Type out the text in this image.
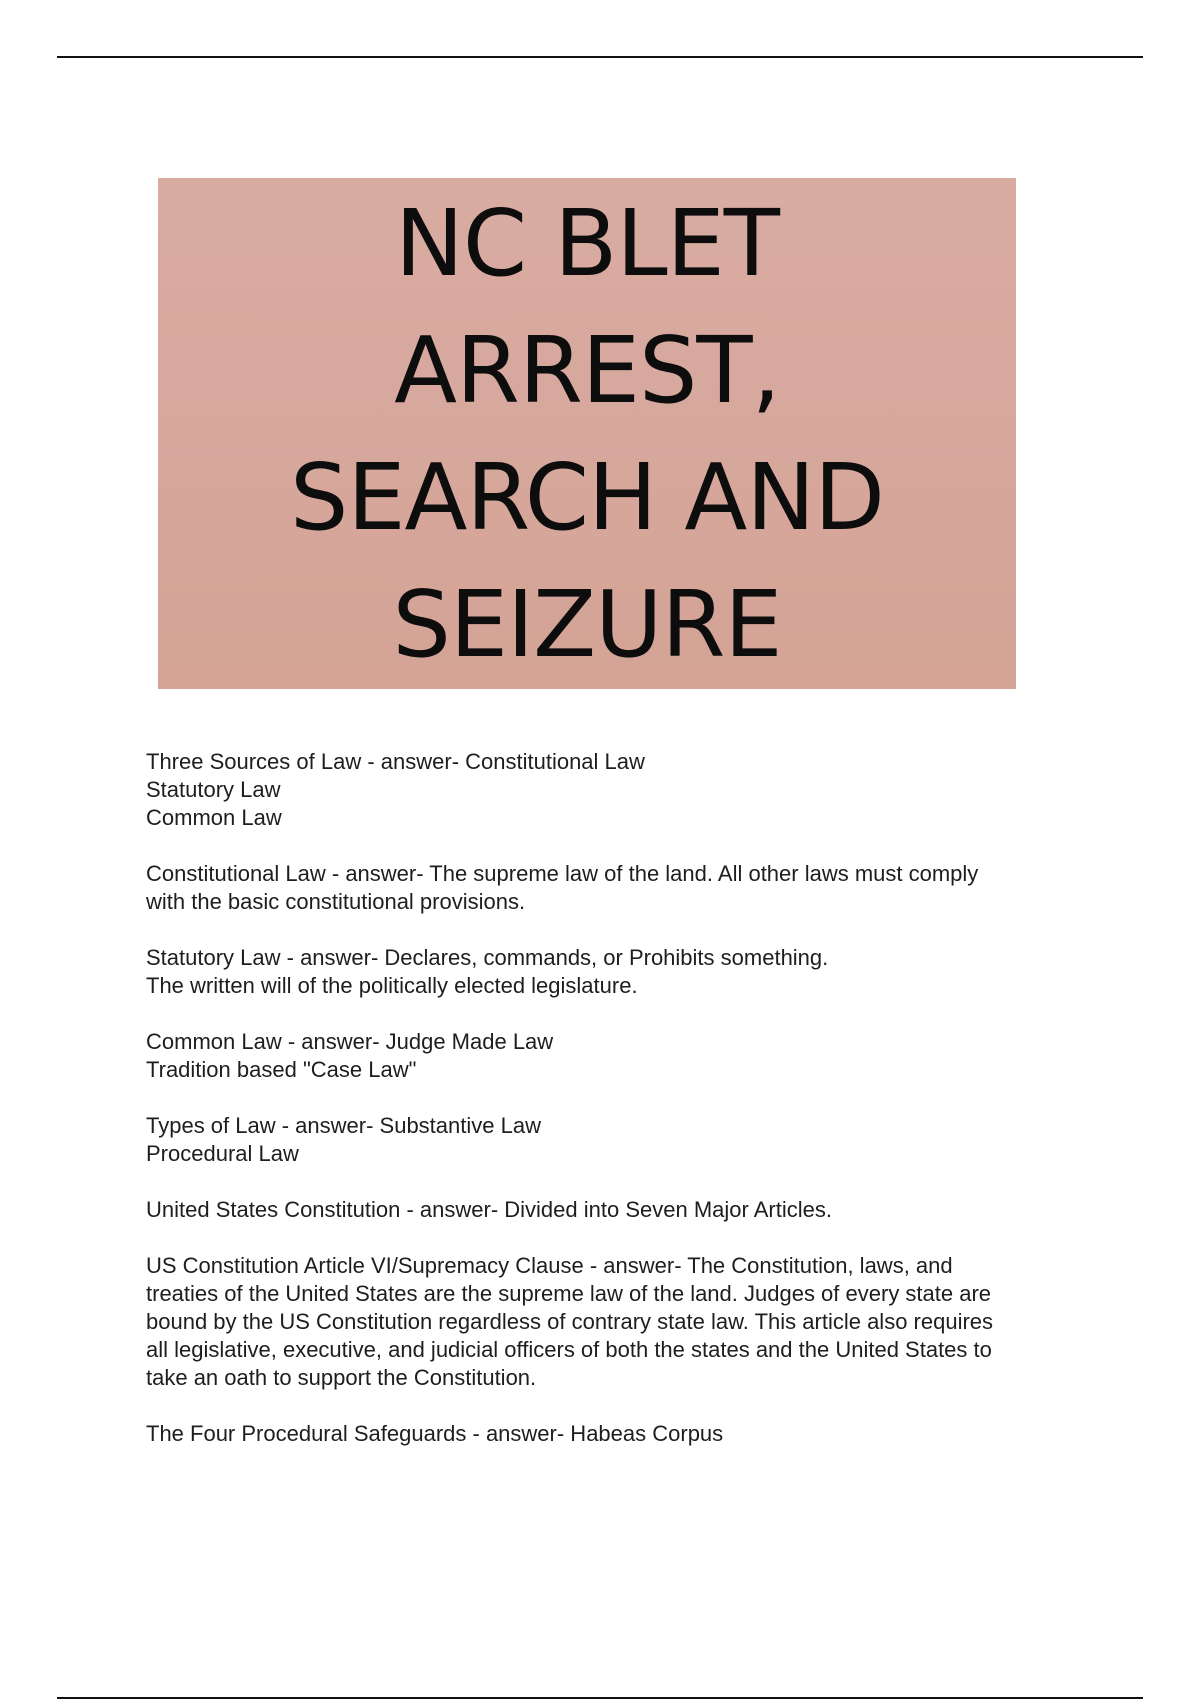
NC BLET
ARREST,
SEARCH AND
SEIZURE
Three Sources of Law - answer- Constitutional Law
Statutory Law
Common Law
Constitutional Law - answer- The supreme law of the land. All other laws must comply
with the basic constitutional provisions.
Statutory Law - answer- Declares, commands, or Prohibits something.
The written will of the politically elected legislature.
Common Law - answer- Judge Made Law
Tradition based "Case Law"
Types of Law - answer- Substantive Law
Procedural Law
United States Constitution - answer- Divided into Seven Major Articles.
US Constitution Article VI/Supremacy Clause - answer- The Constitution, laws, and
treaties of the United States are the supreme law of the land. Judges of every state are
bound by the US Constitution regardless of contrary state law. This article also requires
all legislative, executive, and judicial officers of both the states and the United States to
take an oath to support the Constitution.
The Four Procedural Safeguards - answer- Habeas Corpus
